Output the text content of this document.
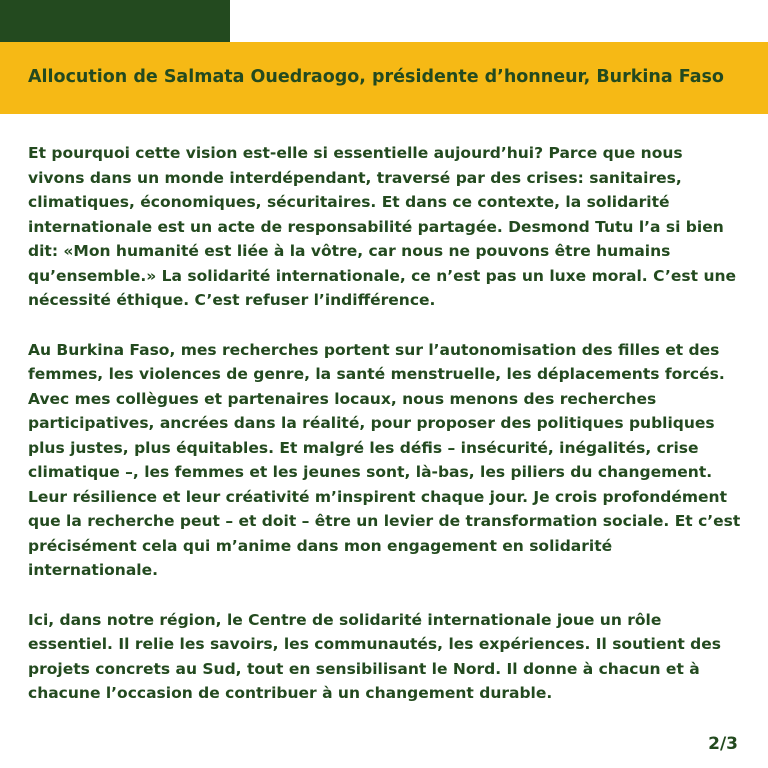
Allocution de Salmata Ouedraogo, présidente d’honneur, Burkina Faso

Et pourquoi cette vision est-elle si essentielle aujourd’hui? Parce que nous vivons dans un monde interdépendant, traversé par des crises: sanitaires, climatiques, économiques, sécuritaires. Et dans ce contexte, la solidarité internationale est un acte de responsabilité partagée. Desmond Tutu l’a si bien dit: «Mon humanité est liée à la vôtre, car nous ne pouvons être humains qu’ensemble.» La solidarité internationale, ce n’est pas un luxe moral. C’est une nécessité éthique. C’est refuser l’indifférence.

Au Burkina Faso, mes recherches portent sur l’autonomisation des filles et des femmes, les violences de genre, la santé menstruelle, les déplacements forcés. Avec mes collègues et partenaires locaux, nous menons des recherches participatives, ancrées dans la réalité, pour proposer des politiques publiques plus justes, plus équitables. Et malgré les défis – insécurité, inégalités, crise climatique –, les femmes et les jeunes sont, là-bas, les piliers du changement. Leur résilience et leur créativité m’inspirent chaque jour. Je crois profondément que la recherche peut – et doit – être un levier de transformation sociale. Et c’est précisément cela qui m’anime dans mon engagement en solidarité internationale.

Ici, dans notre région, le Centre de solidarité internationale joue un rôle essentiel. Il relie les savoirs, les communautés, les expériences. Il soutient des projets concrets au Sud, tout en sensibilisant le Nord. Il donne à chacun et à chacune l’occasion de contribuer à un changement durable.

2/3
